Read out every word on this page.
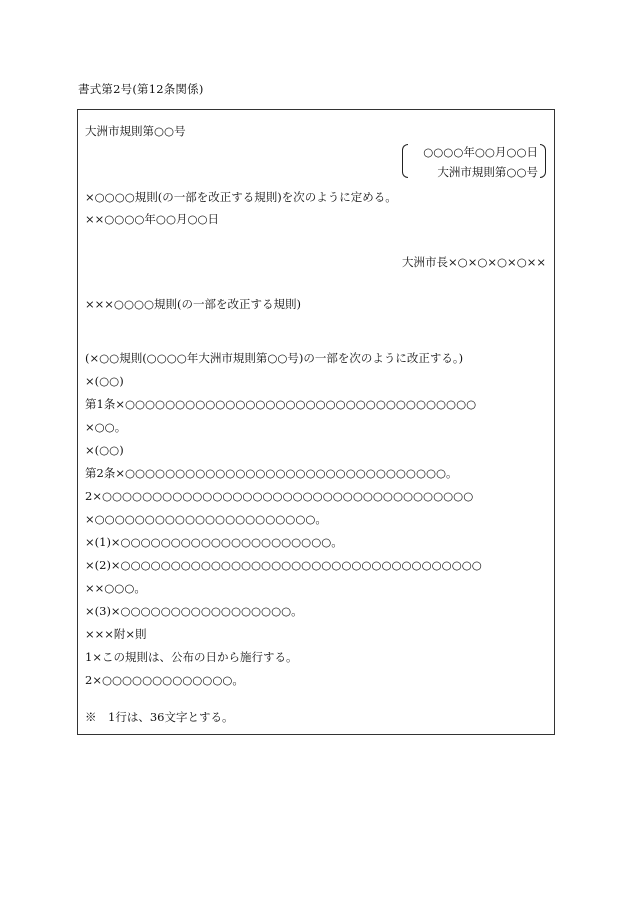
書式第2号(第12条関係)
大洲市規則第○○号
○○○○年○○月○○日
大洲市規則第○○号
×○○○○規則(の一部を改正する規則)を次のように定める。
××○○○○年○○月○○日
大洲市長×○×○×○×○××
×××○○○○規則(の一部を改正する規則)
(×○○規則(○○○○年大洲市規則第○○号)の一部を次のように改正する。)
×(○○)
第1条×○○○○○○○○○○○○○○○○○○○○○○○○○○○○○○○○○○○
×○○。
×(○○)
第2条×○○○○○○○○○○○○○○○○○○○○○○○○○○○○○○○○。
2×○○○○○○○○○○○○○○○○○○○○○○○○○○○○○○○○○○○○○
×○○○○○○○○○○○○○○○○○○○○○○。
×(1)×○○○○○○○○○○○○○○○○○○○○○。
×(2)×○○○○○○○○○○○○○○○○○○○○○○○○○○○○○○○○○○○○
××○○○。
×(3)×○○○○○○○○○○○○○○○○○。
×××附×則
1×この規則は、公布の日から施行する。
2×○○○○○○○○○○○○○。
※　1行は、36文字とする。
